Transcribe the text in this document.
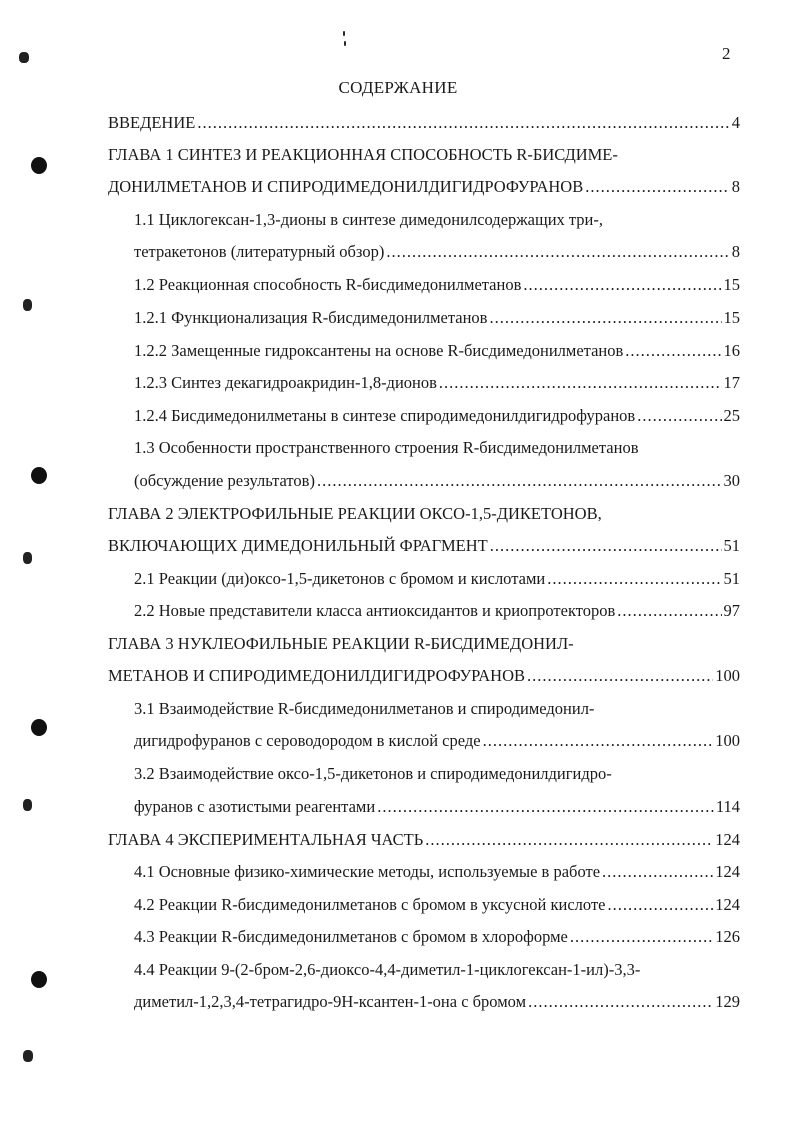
2
СОДЕРЖАНИЕ
ВВЕДЕНИЕ .....	4
ГЛАВА 1 СИНТЕЗ И РЕАКЦИОННАЯ СПОСОБНОСТЬ R-БИСДИМЕ-
ДОНИЛМЕТАНОВ И СПИРОДИМЕДОНИЛДИГИДРОФУРАНОВ .....	8
1.1 Циклогексан-1,3-дионы в синтезе димедонилсодержащих три-,
тетракетонов (литературный обзор) .....	8
1.2 Реакционная способность R-бисдимедонилметанов .....	15
1.2.1 Функционализация R-бисдимедонилметанов .....	15
1.2.2 Замещенные гидроксантены на основе R-бисдимедонилметанов .....	16
1.2.3 Синтез декагидроакридин-1,8-дионов .....	17
1.2.4 Бисдимедонилметаны в синтезе спиродимедонилдигидрофуранов .....	25
1.3 Особенности пространственного строения R-бисдимедонилметанов
(обсуждение результатов) .....	30
ГЛАВА 2 ЭЛЕКТРОФИЛЬНЫЕ РЕАКЦИИ ОКСО-1,5-ДИКЕТОНОВ,
ВКЛЮЧАЮЩИХ ДИМЕДОНИЛЬНЫЙ ФРАГМЕНТ .....	51
2.1 Реакции (ди)оксо-1,5-дикетонов с бромом и кислотами .....	51
2.2 Новые представители класса антиоксидантов и криопротекторов .....	97
ГЛАВА 3 НУКЛЕОФИЛЬНЫЕ РЕАКЦИИ R-БИСДИМЕДОНИЛ-
МЕТАНОВ И СПИРОДИМЕДОНИЛДИГИДРОФУРАНОВ .....	100
3.1 Взаимодействие R-бисдимедонилметанов и спиродимедонил-
дигидрофуранов с сероводородом в кислой среде .....	100
3.2 Взаимодействие оксо-1,5-дикетонов и спиродимедонилдигидро-
фуранов с азотистыми реагентами .....	114
ГЛАВА 4 ЭКСПЕРИМЕНТАЛЬНАЯ ЧАСТЬ .....	124
4.1 Основные физико-химические методы, используемые в работе .....	124
4.2 Реакции R-бисдимедонилметанов с бромом в уксусной кислоте .....	124
4.3 Реакции R-бисдимедонилметанов с бромом в хлороформе .....	126
4.4 Реакции 9-(2-бром-2,6-диоксо-4,4-диметил-1-циклогексан-1-ил)-3,3-
диметил-1,2,3,4-тетрагидро-9Н-ксантен-1-она с бромом .....	129
